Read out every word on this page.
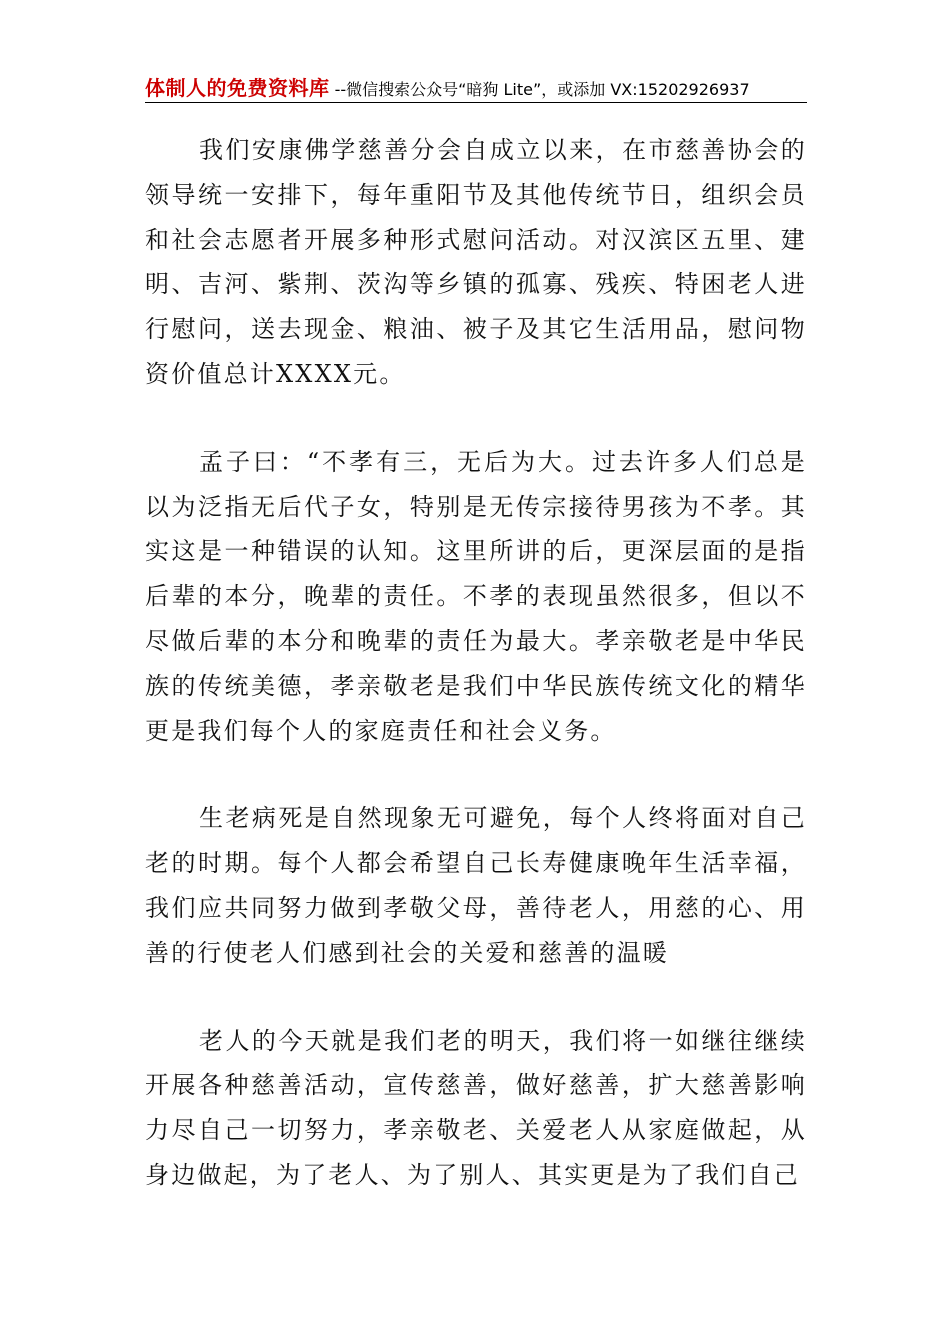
体制人的免费资料库 --微信搜索公众号“暗狗 Lite”，或添加 VX:15202926937

我们安康佛学慈善分会自成立以来，在市慈善协会的领导统一安排下，每年重阳节及其他传统节日，组织会员和社会志愿者开展多种形式慰问活动。对汉滨区五里、建明、吉河、紫荆、茨沟等乡镇的孤寡、残疾、特困老人进行慰问，送去现金、粮油、被子及其它生活用品，慰问物资价值总计XXXX元。

孟子曰：“不孝有三，无后为大。过去许多人们总是以为泛指无后代子女，特别是无传宗接待男孩为不孝。其实这是一种错误的认知。这里所讲的后，更深层面的是指后辈的本分，晚辈的责任。不孝的表现虽然很多，但以不尽做后辈的本分和晚辈的责任为最大。孝亲敬老是中华民族的传统美德，孝亲敬老是我们中华民族传统文化的精华更是我们每个人的家庭责任和社会义务。

生老病死是自然现象无可避免，每个人终将面对自己老的时期。每个人都会希望自己长寿健康晚年生活幸福，我们应共同努力做到孝敬父母，善待老人，用慈的心、用善的行使老人们感到社会的关爱和慈善的温暖

老人的今天就是我们老的明天，我们将一如继往继续开展各种慈善活动，宣传慈善，做好慈善，扩大慈善影响力尽自己一切努力，孝亲敬老、关爱老人从家庭做起，从身边做起，为了老人、为了别人、其实更是为了我们自己
